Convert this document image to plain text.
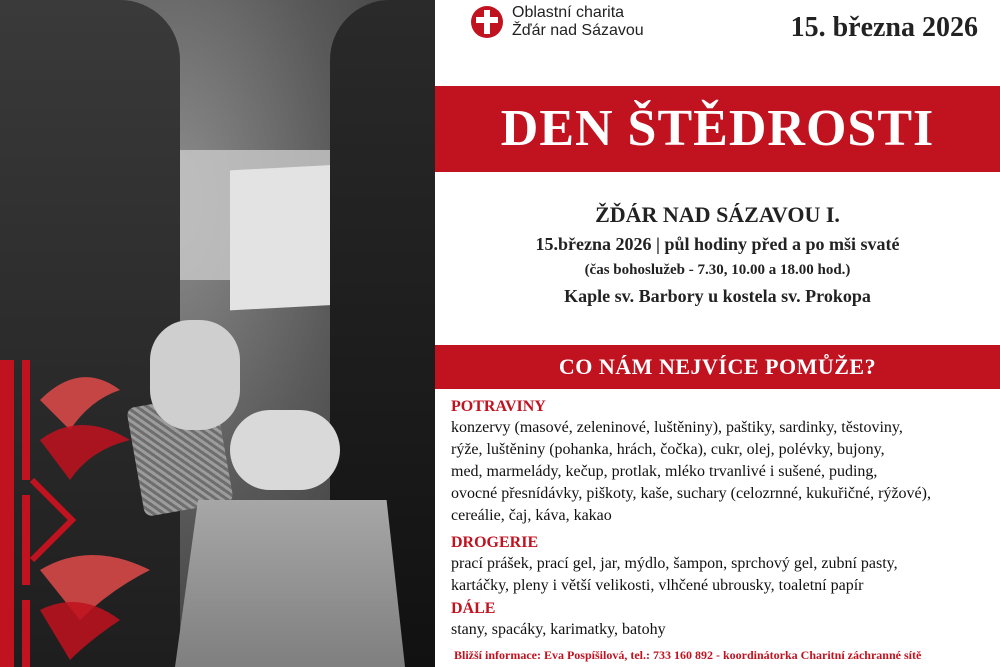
Oblastní charita
Žďár nad Sázavou	15. března 2026
DEN ŠTĚDROSTI
ŽĎÁR NAD SÁZAVOU I.
15.března 2026 | půl hodiny před a po mši svaté
(čas bohoslužeb - 7.30, 10.00 a 18.00 hod.)
Kaple sv. Barbory u kostela sv. Prokopa
CO NÁM NEJVÍCE POMŮŽE?
POTRAVINY
konzervy (masové, zeleninové, luštěniny), paštiky, sardinky, těstoviny,
rýže, luštěniny (pohanka, hrách, čočka), cukr, olej, polévky, bujony,
med, marmelády, kečup, protlak, mléko trvanlivé i sušené, puding,
ovocné přesnídávky, piškoty, kaše, suchary (celozrnné, kukuřičné, rýžové),
cereálie, čaj, káva, kakao
DROGERIE
prací prášek, prací gel, jar, mýdlo, šampon, sprchový gel, zubní pasty,
kartáčky, pleny i větší velikosti, vlhčené ubrousky, toaletní papír
DÁLE
stany, spacáky, karimatky, batohy
Bližší informace: Eva Pospíšilová, tel.: 733 160 892 - koordinátorka Charitní záchranné sítě
